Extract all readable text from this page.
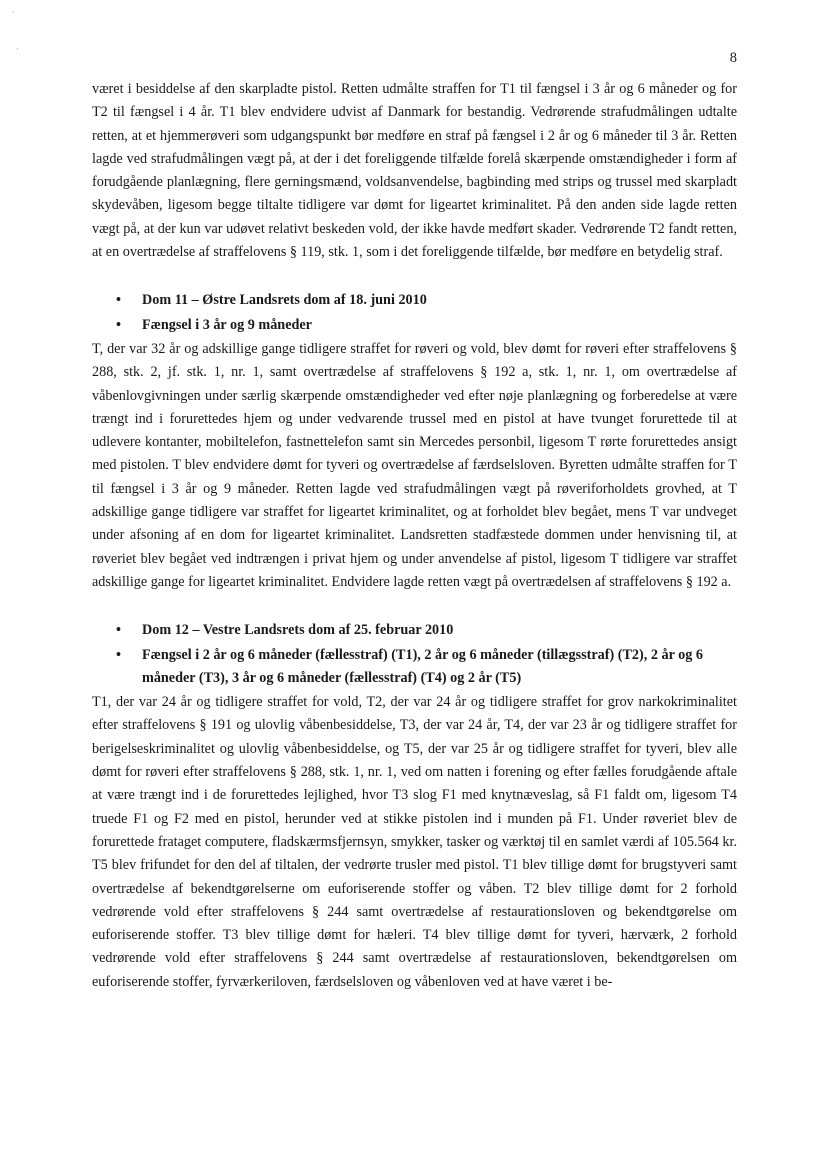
´
·
8

været i besiddelse af den skarpladte pistol. Retten udmålte straffen for T1 til fængsel i 3 år og 6 måneder og for T2 til fængsel i 4 år. T1 blev endvidere udvist af Danmark for bestandig. Vedrørende strafudmålingen udtalte retten, at et hjemmerøveri som udgangspunkt bør medføre en straf på fængsel i 2 år og 6 måneder til 3 år. Retten lagde ved strafudmålingen vægt på, at der i det foreliggende tilfælde forelå skærpende omstændigheder i form af forudgående planlægning, flere gerningsmænd, voldsanvendelse, bagbinding med strips og trussel med skarpladt skydevåben, ligesom begge tiltalte tidligere var dømt for ligeartet kriminalitet. På den anden side lagde retten vægt på, at der kun var udøvet relativt beskeden vold, der ikke havde medført skader. Vedrørende T2 fandt retten, at en overtrædelse af straffelovens § 119, stk. 1, som i det foreliggende tilfælde, bør medføre en betydelig straf.

• Dom 11 – Østre Landsrets dom af 18. juni 2010
• Fængsel i 3 år og 9 måneder

T, der var 32 år og adskillige gange tidligere straffet for røveri og vold, blev dømt for røveri efter straffelovens § 288, stk. 2, jf. stk. 1, nr. 1, samt overtrædelse af straffelovens § 192 a, stk. 1, nr. 1, om overtrædelse af våbenlovgivningen under særlig skærpende omstændigheder ved efter nøje planlægning og forberedelse at være trængt ind i forurettedes hjem og under vedvarende trussel med en pistol at have tvunget forurettede til at udlevere kontanter, mobiltelefon, fastnettelefon samt sin Mercedes personbil, ligesom T rørte forurettedes ansigt med pistolen. T blev endvidere dømt for tyveri og overtrædelse af færdselsloven. Byretten udmålte straffen for T til fængsel i 3 år og 9 måneder. Retten lagde ved strafudmålingen vægt på røveriforholdets grovhed, at T adskillige gange tidligere var straffet for ligeartet kriminalitet, og at forholdet blev begået, mens T var undveget under afsoning af en dom for ligeartet kriminalitet. Landsretten stadfæstede dommen under henvisning til, at røveriet blev begået ved indtrængen i privat hjem og under anvendelse af pistol, ligesom T tidligere var straffet adskillige gange for ligeartet kriminalitet. Endvidere lagde retten vægt på overtrædelsen af straffelovens § 192 a.

• Dom 12 – Vestre Landsrets dom af 25. februar 2010
• Fængsel i 2 år og 6 måneder (fællesstraf) (T1), 2 år og 6 måneder (tillægsstraf) (T2), 2 år og 6 måneder (T3), 3 år og 6 måneder (fællesstraf) (T4) og 2 år (T5)

T1, der var 24 år og tidligere straffet for vold, T2, der var 24 år og tidligere straffet for grov narkokriminalitet efter straffelovens § 191 og ulovlig våbenbesiddelse, T3, der var 24 år, T4, der var 23 år og tidligere straffet for berigelseskriminalitet og ulovlig våbenbesiddelse, og T5, der var 25 år og tidligere straffet for tyveri, blev alle dømt for røveri efter straffelovens § 288, stk. 1, nr. 1, ved om natten i forening og efter fælles forudgående aftale at være trængt ind i de forurettedes lejlighed, hvor T3 slog F1 med knytnæveslag, så F1 faldt om, ligesom T4 truede F1 og F2 med en pistol, herunder ved at stikke pistolen ind i munden på F1. Under røveriet blev de forurettede frataget computere, fladskærmsfjernsyn, smykker, tasker og værktøj til en samlet værdi af 105.564 kr. T5 blev frifundet for den del af tiltalen, der vedrørte trusler med pistol. T1 blev tillige dømt for brugstyveri samt overtrædelse af bekendtgørelserne om euforiserende stoffer og våben. T2 blev tillige dømt for 2 forhold vedrørende vold efter straffelovens § 244 samt overtrædelse af restaurationsloven og bekendtgørelse om euforiserende stoffer. T3 blev tillige dømt for hæleri. T4 blev tillige dømt for tyveri, hærværk, 2 forhold vedrørende vold efter straffelovens § 244 samt overtrædelse af restaurationsloven, bekendtgørelsen om euforiserende stoffer, fyrværkeriloven, færdselsloven og våbenloven ved at have været i be-
